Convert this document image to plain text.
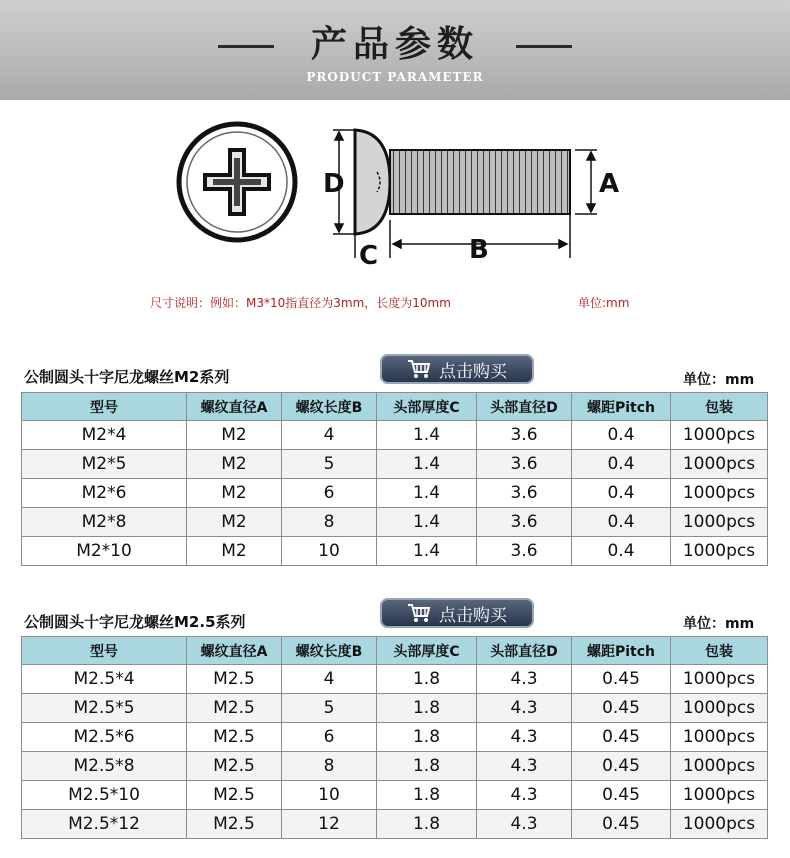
产品参数
PRODUCT PARAMETER
D	A
C	B
尺寸说明：例如：M3*10指直径为3mm，长度为10mm	单位:mm
公制圆头十字尼龙螺丝M2系列	点击购买	单位：mm
型号	螺纹直径A	螺纹长度B	头部厚度C	头部直径D	螺距Pitch	包装
M2*4	M2	4	1.4	3.6	0.4	1000pcs
M2*5	M2	5	1.4	3.6	0.4	1000pcs
M2*6	M2	6	1.4	3.6	0.4	1000pcs
M2*8	M2	8	1.4	3.6	0.4	1000pcs
M2*10	M2	10	1.4	3.6	0.4	1000pcs
公制圆头十字尼龙螺丝M2.5系列	点击购买	单位：mm
型号	螺纹直径A	螺纹长度B	头部厚度C	头部直径D	螺距Pitch	包装
M2.5*4	M2.5	4	1.8	4.3	0.45	1000pcs
M2.5*5	M2.5	5	1.8	4.3	0.45	1000pcs
M2.5*6	M2.5	6	1.8	4.3	0.45	1000pcs
M2.5*8	M2.5	8	1.8	4.3	0.45	1000pcs
M2.5*10	M2.5	10	1.8	4.3	0.45	1000pcs
M2.5*12	M2.5	12	1.8	4.3	0.45	1000pcs
